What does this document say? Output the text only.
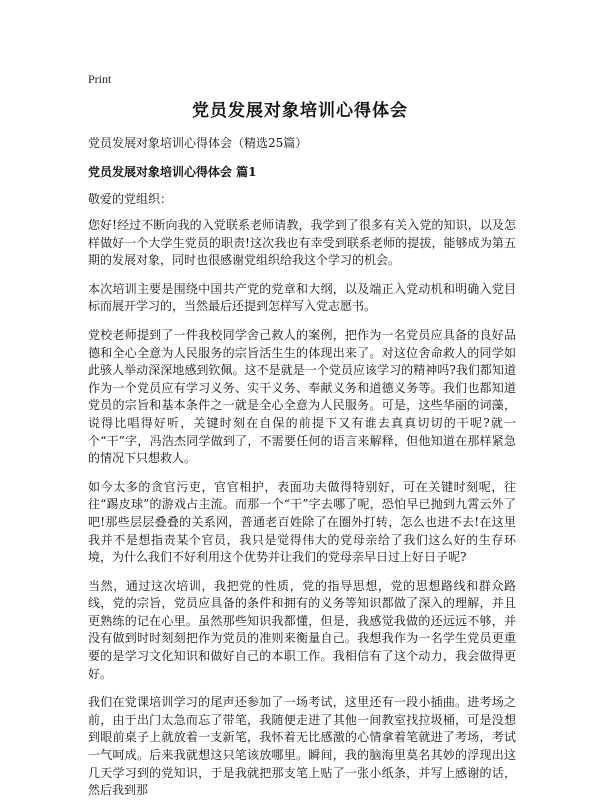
Print
党员发展对象培训心得体会

党员发展对象培训心得体会（精选25篇）

党员发展对象培训心得体会 篇1

敬爱的党组织：

您好!经过不断向我的入党联系老师请教，我学到了很多有关入党的知识，以及怎样做好一个大学生党员的职责!这次我也有幸受到联系老师的提拔，能够成为第五期的发展对象，同时也很感谢党组织给我这个学习的机会。

本次培训主要是围绕中国共产党的党章和大纲，以及端正入党动机和明确入党目标而展开学习的，当然最后还提到怎样写入党志愿书。

党校老师提到了一件我校同学舍己救人的案例，把作为一名党员应具备的良好品德和全心全意为人民服务的宗旨活生生的体现出来了。对这位舍命救人的同学如此骇人举动深深地感到钦佩。这不是就是一个党员应该学习的精神吗?我们都知道作为一个党员应有学习义务、实干义务、奉献义务和道德义务等。我们也都知道党员的宗旨和基本条件之一就是全心全意为人民服务。可是，这些华丽的词藻，说得比唱得好听，关键时刻在自保的前提下又有谁去真真切切的干呢?就一个“干”字，冯浩杰同学做到了，不需要任何的语言来解释，但他知道在那样紧急的情况下只想救人。

如今太多的贪官污吏，官官相护，表面功夫做得特别好，可在关键时刻呢，往往“踢皮球”的游戏占主流。而那一个“干”字去哪了呢，恐怕早已抛到九霄云外了吧!那些层层叠叠的关系网，普通老百姓除了在圈外打转，怎么也进不去!在这里我并不是想指责某个官员，我只是觉得伟大的党母亲给了我们这么好的生存环境，为什么我们不好利用这个优势并让我们的党母亲早日过上好日子呢?

当然，通过这次培训，我把党的性质，党的指导思想，党的思想路线和群众路线，党的宗旨，党员应具备的条件和拥有的义务等知识都做了深入的理解，并且更熟练的记在心里。虽然那些知识我都懂，但是，我感觉我做的还远远不够，并没有做到时时刻刻把作为党员的准则来衡量自己。我想我作为一名学生党员更重要的是学习文化知识和做好自己的本职工作。我相信有了这个动力，我会做得更好。

我们在党课培训学习的尾声还参加了一场考试，这里还有一段小插曲。进考场之前，由于出门太急而忘了带笔，我随便走进了其他一间教室找拉圾桶，可是没想到眼前桌子上就放着一支新笔，我怀着无比感激的心情拿着笔就进了考场，考试一气呵成。后来我就想这只笔该放哪里。瞬间，我的脑海里莫名其妙的浮现出这几天学习到的党知识，于是我就把那支笔上贴了一张小纸条，并写上感谢的话，然后我到那
